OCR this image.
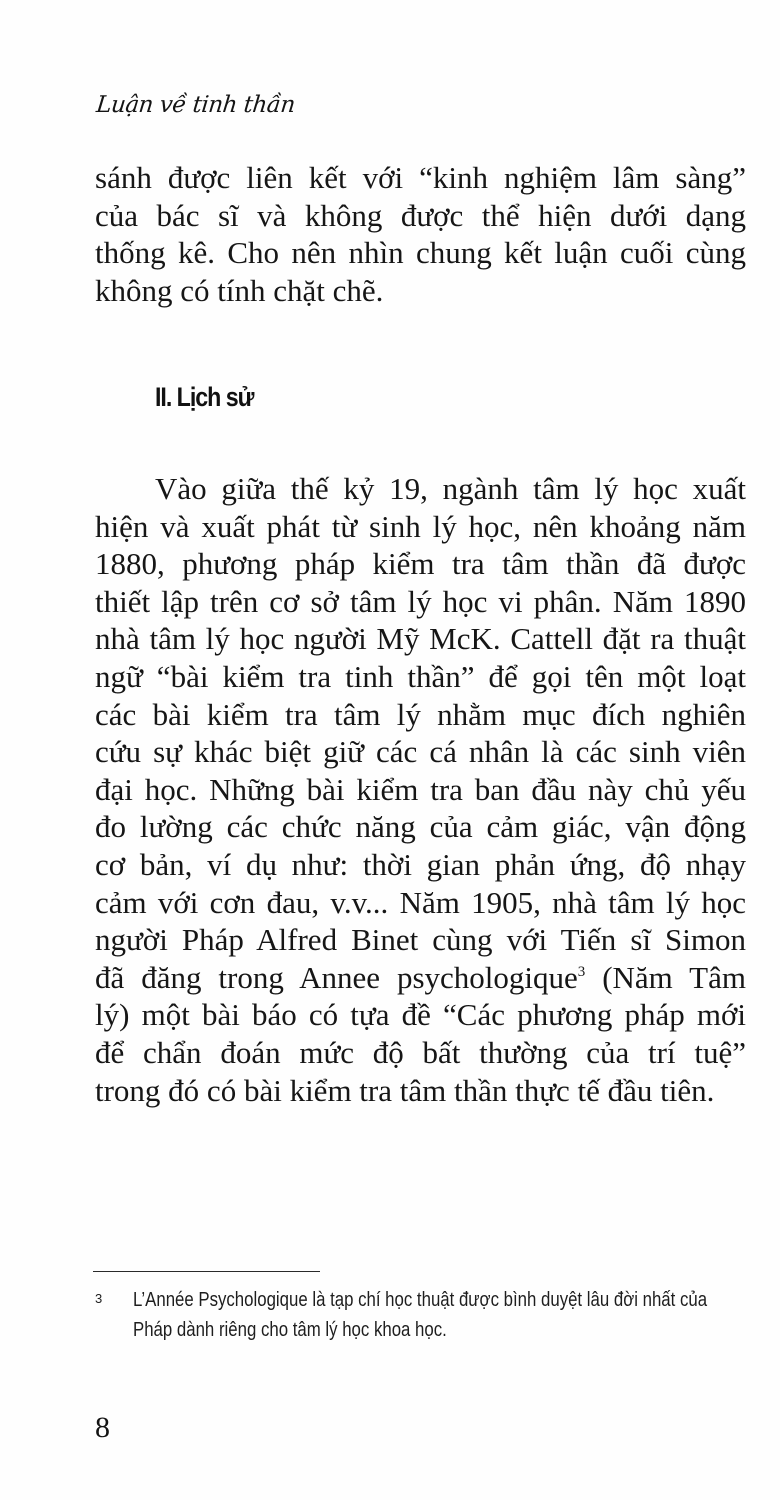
Luận về tinh thần
sánh được liên kết với “kinh nghiệm lâm sàng”
của bác sĩ và không được thể hiện dưới dạng
thống kê. Cho nên nhìn chung kết luận cuối cùng
không có tính chặt chẽ.
II. Lịch sử
Vào giữa thế kỷ 19, ngành tâm lý học xuất
hiện và xuất phát từ sinh lý học, nên khoảng năm
1880, phương pháp kiểm tra tâm thần đã được
thiết lập trên cơ sở tâm lý học vi phân. Năm 1890
nhà tâm lý học người Mỹ McK. Cattell đặt ra thuật
ngữ “bài kiểm tra tinh thần” để gọi tên một loạt
các bài kiểm tra tâm lý nhằm mục đích nghiên
cứu sự khác biệt giữ các cá nhân là các sinh viên
đại học. Những bài kiểm tra ban đầu này chủ yếu
đo lường các chức năng của cảm giác, vận động
cơ bản, ví dụ như: thời gian phản ứng, độ nhạy
cảm với cơn đau, v.v... Năm 1905, nhà tâm lý học
người Pháp Alfred Binet cùng với Tiến sĩ Simon
đã đăng trong Annee psychologique$^3$ (Năm Tâm
lý) một bài báo có tựa đề “Các phương pháp mới
để chẩn đoán mức độ bất thường của trí tuệ”
trong đó có bài kiểm tra tâm thần thực tế đầu tiên.
3 L’Année Psychologique là tạp chí học thuật được bình duyệt lâu đời nhất của
Pháp dành riêng cho tâm lý học khoa học.
8
